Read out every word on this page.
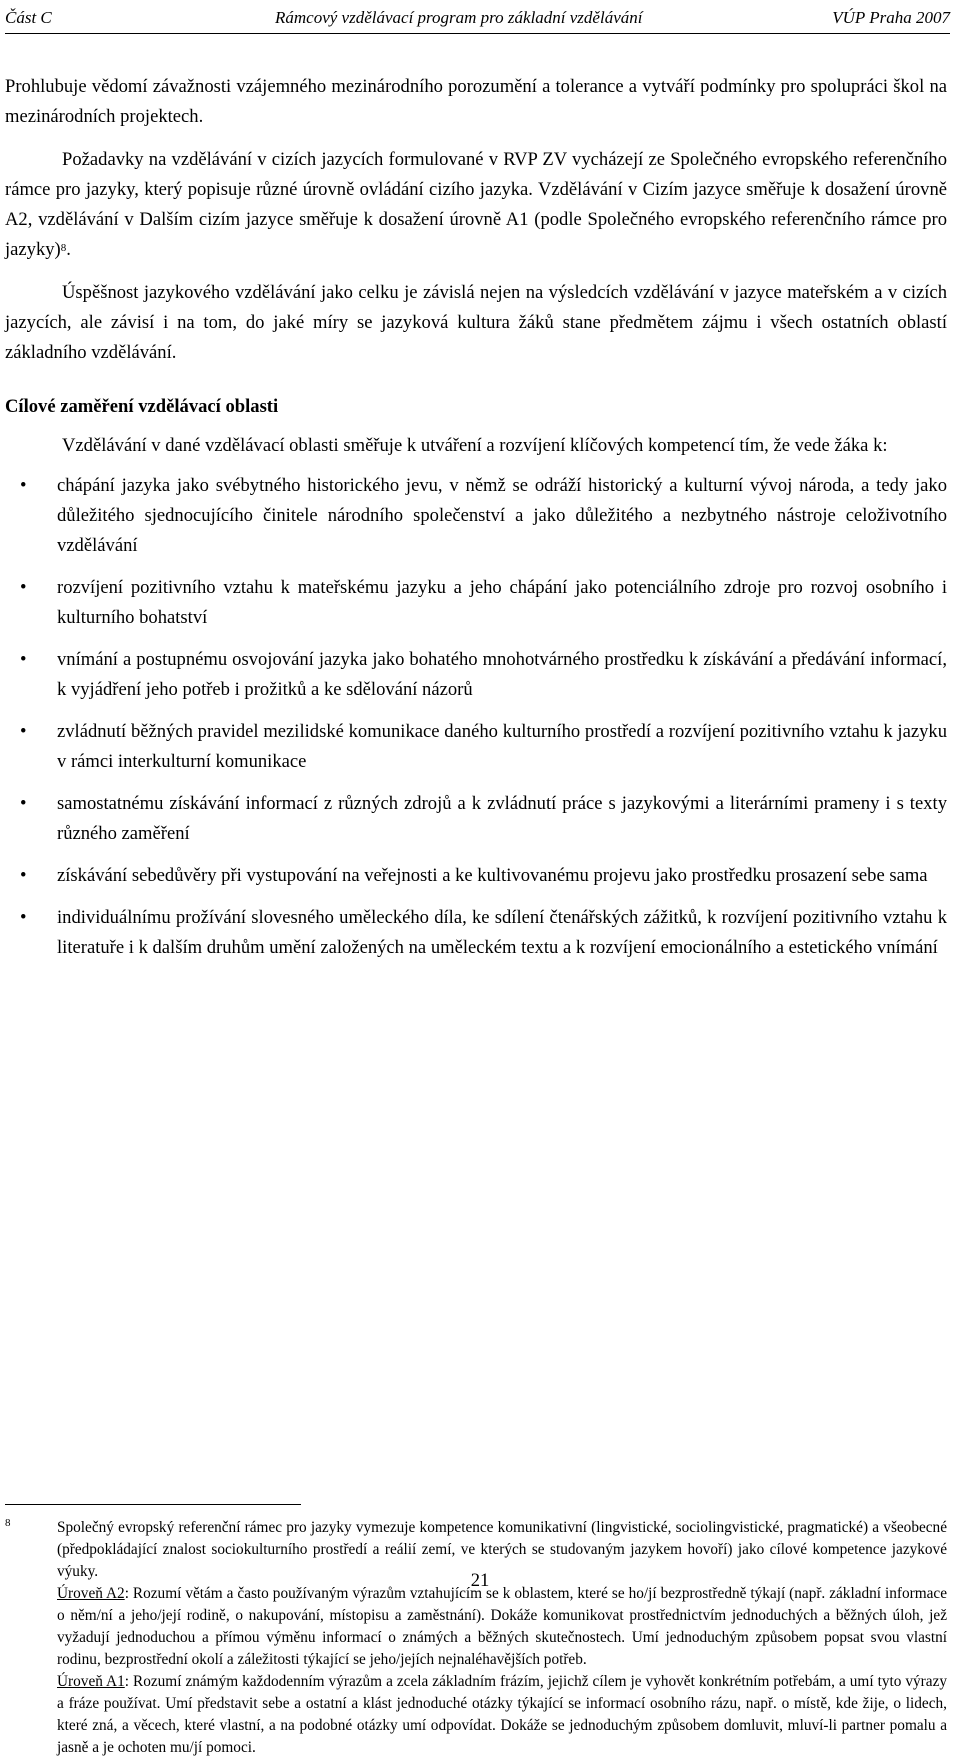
Část C	Rámcový vzdělávací program pro základní vzdělávání	VÚP Praha 2007

Prohlubuje vědomí závažnosti vzájemného mezinárodního porozumění a tolerance a vytváří podmínky pro spolupráci škol na mezinárodních projektech.

Požadavky na vzdělávání v cizích jazycích formulované v RVP ZV vycházejí ze Společného evropského referenčního rámce pro jazyky, který popisuje různé úrovně ovládání cizího jazyka. Vzdělávání v Cizím jazyce směřuje k dosažení úrovně A2, vzdělávání v Dalším cizím jazyce směřuje k dosažení úrovně A1 (podle Společného evropského referenčního rámce pro jazyky)$^8$.

Úspěšnost jazykového vzdělávání jako celku je závislá nejen na výsledcích vzdělávání v jazyce mateřském a v cizích jazycích, ale závisí i na tom, do jaké míry se jazyková kultura žáků stane předmětem zájmu i všech ostatních oblastí základního vzdělávání.

Cílové zaměření vzdělávací oblasti

Vzdělávání v dané vzdělávací oblasti směřuje k utváření a rozvíjení klíčových kompetencí tím, že vede žáka k:

• chápání jazyka jako svébytného historického jevu, v němž se odráží historický a kulturní vývoj národa, a tedy jako důležitého sjednocujícího činitele národního společenství a jako důležitého a nezbytného nástroje celoživotního vzdělávání
• rozvíjení pozitivního vztahu k mateřskému jazyku a jeho chápání jako potenciálního zdroje pro rozvoj osobního i kulturního bohatství
• vnímání a postupnému osvojování jazyka jako bohatého mnohotvárného prostředku k získávání a předávání informací, k vyjádření jeho potřeb i prožitků a ke sdělování názorů
• zvládnutí běžných pravidel mezilidské komunikace daného kulturního prostředí a rozvíjení pozitivního vztahu k jazyku v rámci interkulturní komunikace
• samostatnému získávání informací z různých zdrojů a k zvládnutí práce s jazykovými a literárními prameny i s texty různého zaměření
• získávání sebedůvěry při vystupování na veřejnosti a ke kultivovanému projevu jako prostředku prosazení sebe sama
• individuálnímu prožívání slovesného uměleckého díla, ke sdílení čtenářských zážitků, k rozvíjení pozitivního vztahu k literatuře i k dalším druhům umění založených na uměleckém textu a k rozvíjení emocionálního a estetického vnímání
8	Společný evropský referenční rámec pro jazyky vymezuje kompetence komunikativní (lingvistické, sociolingvistické, pragmatické) a všeobecné (předpokládající znalost sociokulturního prostředí a reálií zemí, ve kterých se studovaným jazykem hovoří) jako cílové kompetence jazykové výuky.

Úroveň A2: Rozumí větám a často používaným výrazům vztahujícím se k oblastem, které se ho/jí bezprostředně týkají (např. základní informace o něm/ní a jeho/její rodině, o nakupování, místopisu a zaměstnání). Dokáže komunikovat prostřednictvím jednoduchých a běžných úloh, jež vyžadují jednoduchou a přímou výměnu informací o známých a běžných skutečnostech. Umí jednoduchým způsobem popsat svou vlastní rodinu, bezprostřední okolí a záležitosti týkající se jeho/jejích nejnaléhavějších potřeb.

Úroveň A1: Rozumí známým každodenním výrazům a zcela základním frázím, jejichž cílem je vyhovět konkrétním potřebám, a umí tyto výrazy a fráze používat. Umí představit sebe a ostatní a klást jednoduché otázky týkající se informací osobního rázu, např. o místě, kde žije, o lidech, které zná, a věcech, které vlastní, a na podobné otázky umí odpovídat. Dokáže se jednoduchým způsobem domluvit, mluví-li partner pomalu a jasně a je ochoten mu/jí pomoci.

21
